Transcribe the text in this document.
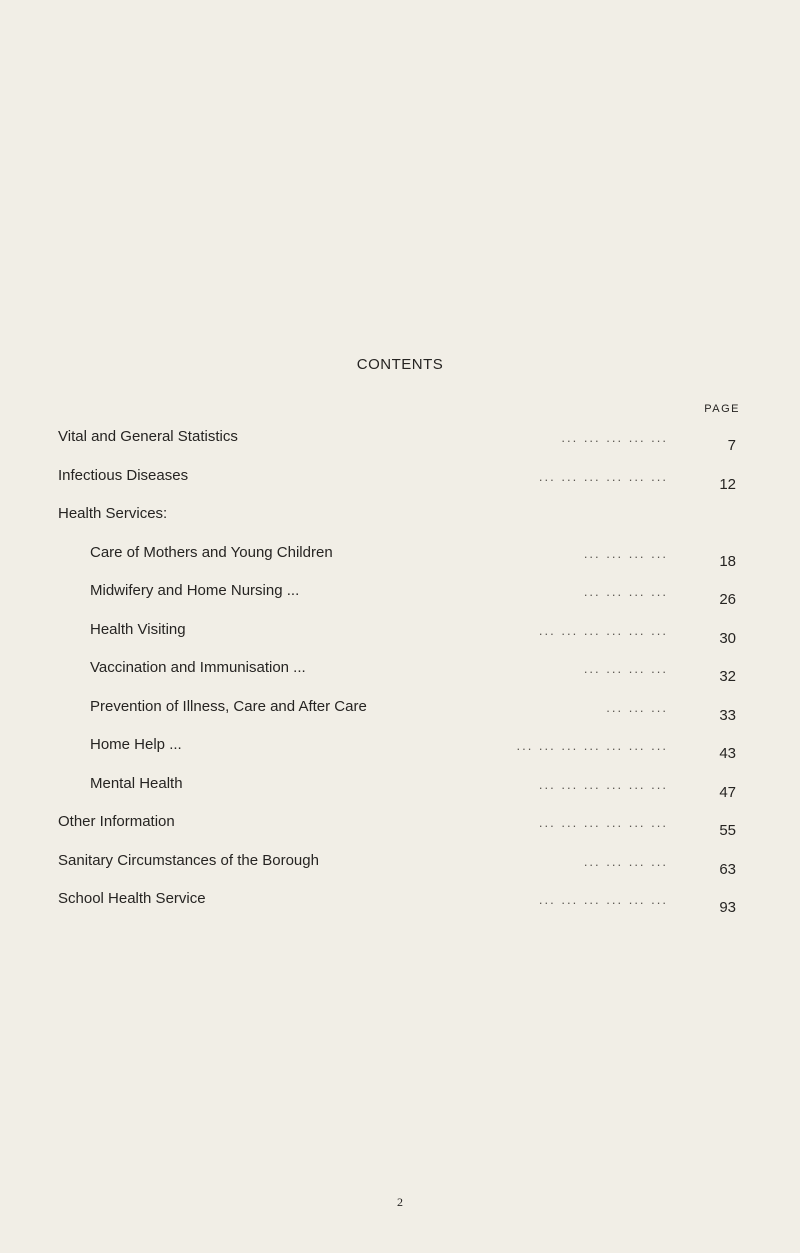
CONTENTS
PAGE
Vital and General Statistics	... ... ... ... ...	7
Infectious Diseases	... ... ... ... ... ...	12
Health Services:
Care of Mothers and Young Children	... ... ... ...	18
Midwifery and Home Nursing ...	... ... ... ...	26
Health Visiting	... ... ... ... ... ...	30
Vaccination and Immunisation ...	... ... ... ...	32
Prevention of Illness, Care and After Care	... ... ...	33
Home Help ...	... ... ... ... ... ... ...	43
Mental Health	... ... ... ... ... ...	47
Other Information	... ... ... ... ... ...	55
Sanitary Circumstances of the Borough	... ... ... ...	63
School Health Service	... ... ... ... ... ...	93
2
